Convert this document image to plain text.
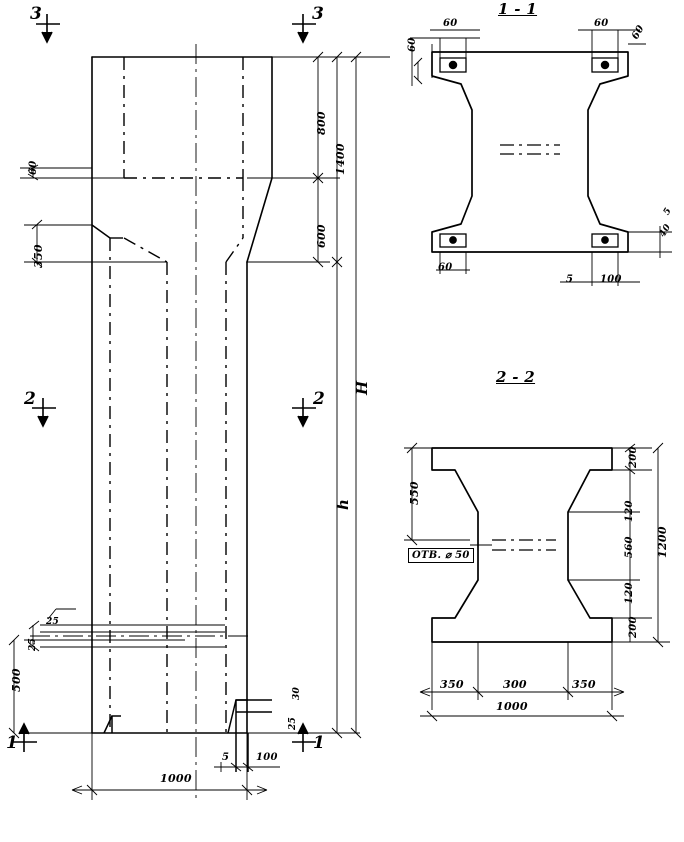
3	3
2	2
1	1
800
1400
600
H
h
60
350
500
25
25
1000
5	100
30
25
1 - 1
60	60
60
60
60
5	100
5
40
2 - 2
550
200
120
560
120
200
1200
ОТВ. ⌀ 50
350	300	350
1000
